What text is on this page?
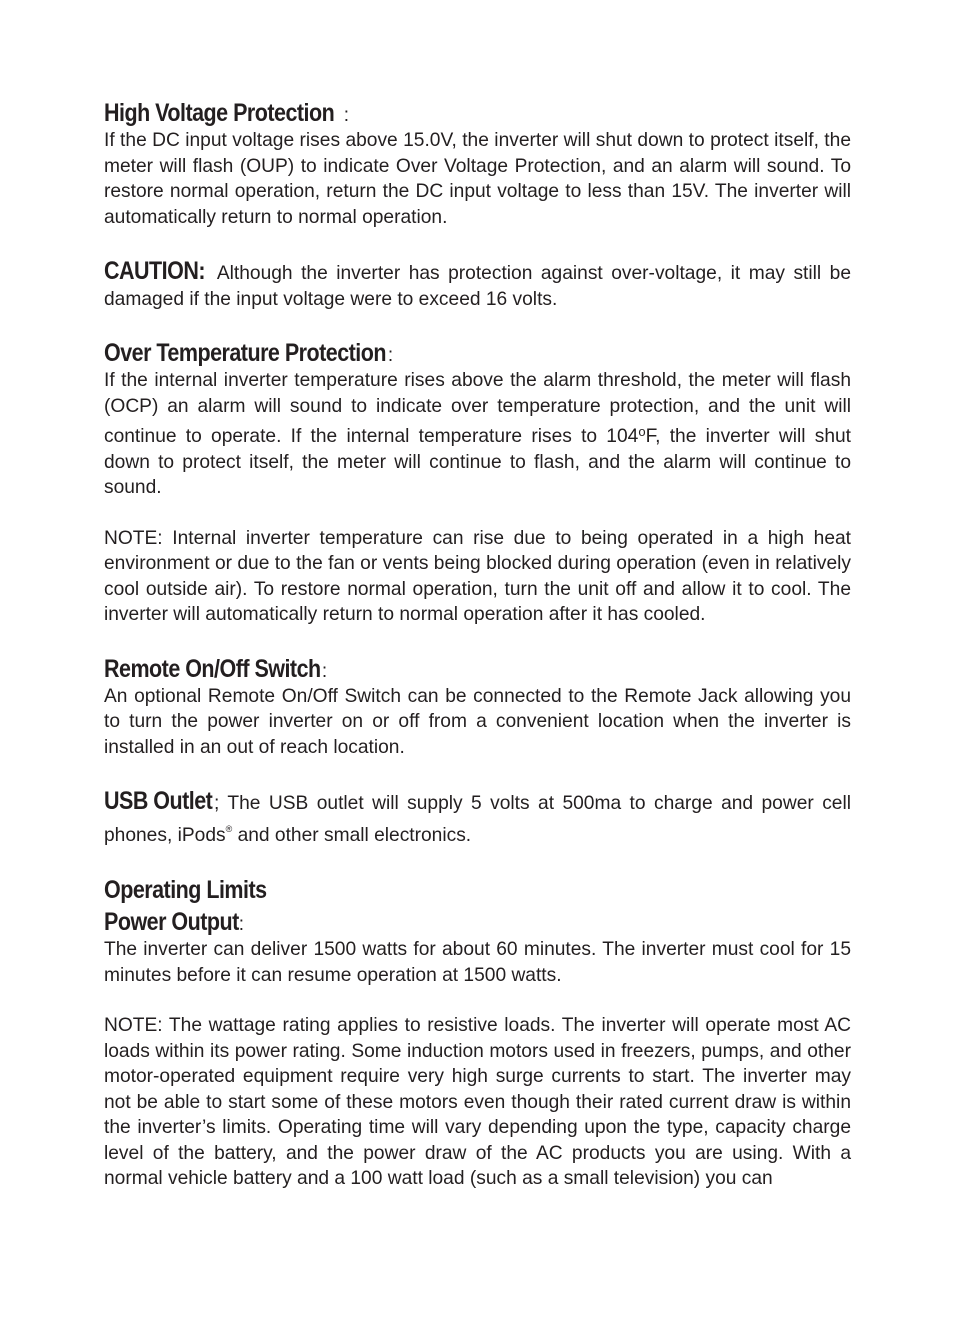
High Voltage Protection :

If the DC input voltage rises above 15.0V, the inverter will shut down to protect itself, the meter will flash (OUP) to indicate Over Voltage Protection, and an alarm will sound. To restore normal operation, return the DC input voltage to less than 15V. The inverter will automatically return to normal operation.

CAUTION: Although the inverter has protection against over-voltage, it may still be damaged if the input voltage were to exceed 16 volts.

Over Temperature Protection :

If the internal inverter temperature rises above the alarm threshold, the meter will flash (OCP) an alarm will sound to indicate over temperature protection, and the unit will continue to operate. If the internal temperature rises to 104$^o$F, the inverter will shut down to protect itself, the meter will continue to flash, and the alarm will continue to sound.

NOTE: Internal inverter temperature can rise due to being operated in a high heat environment or due to the fan or vents being blocked during operation (even in relatively cool outside air). To restore normal operation, turn the unit off and allow it to cool. The inverter will automatically return to normal operation after it has cooled.

Remote On/Off Switch:

An optional Remote On/Off Switch can be connected to the Remote Jack allowing you to turn the power inverter on or off from a convenient location when the inverter is installed in an out of reach location.

USB Outlet; The USB outlet will supply 5 volts at 500ma to charge and power cell phones, iPods® and other small electronics.

Operating Limits
Power Output:

The inverter can deliver 1500 watts for about 60 minutes. The inverter must cool for 15 minutes before it can resume operation at 1500 watts.

NOTE: The wattage rating applies to resistive loads. The inverter will operate most AC loads within its power rating. Some induction motors used in freezers, pumps, and other motor-operated equipment require very high surge currents to start. The inverter may not be able to start some of these motors even though their rated current draw is within the inverter’s limits. Operating time will vary depending upon the type, capacity charge level of the battery, and the power draw of the AC products you are using. With a normal vehicle battery and a 100 watt load (such as a small television) you can
